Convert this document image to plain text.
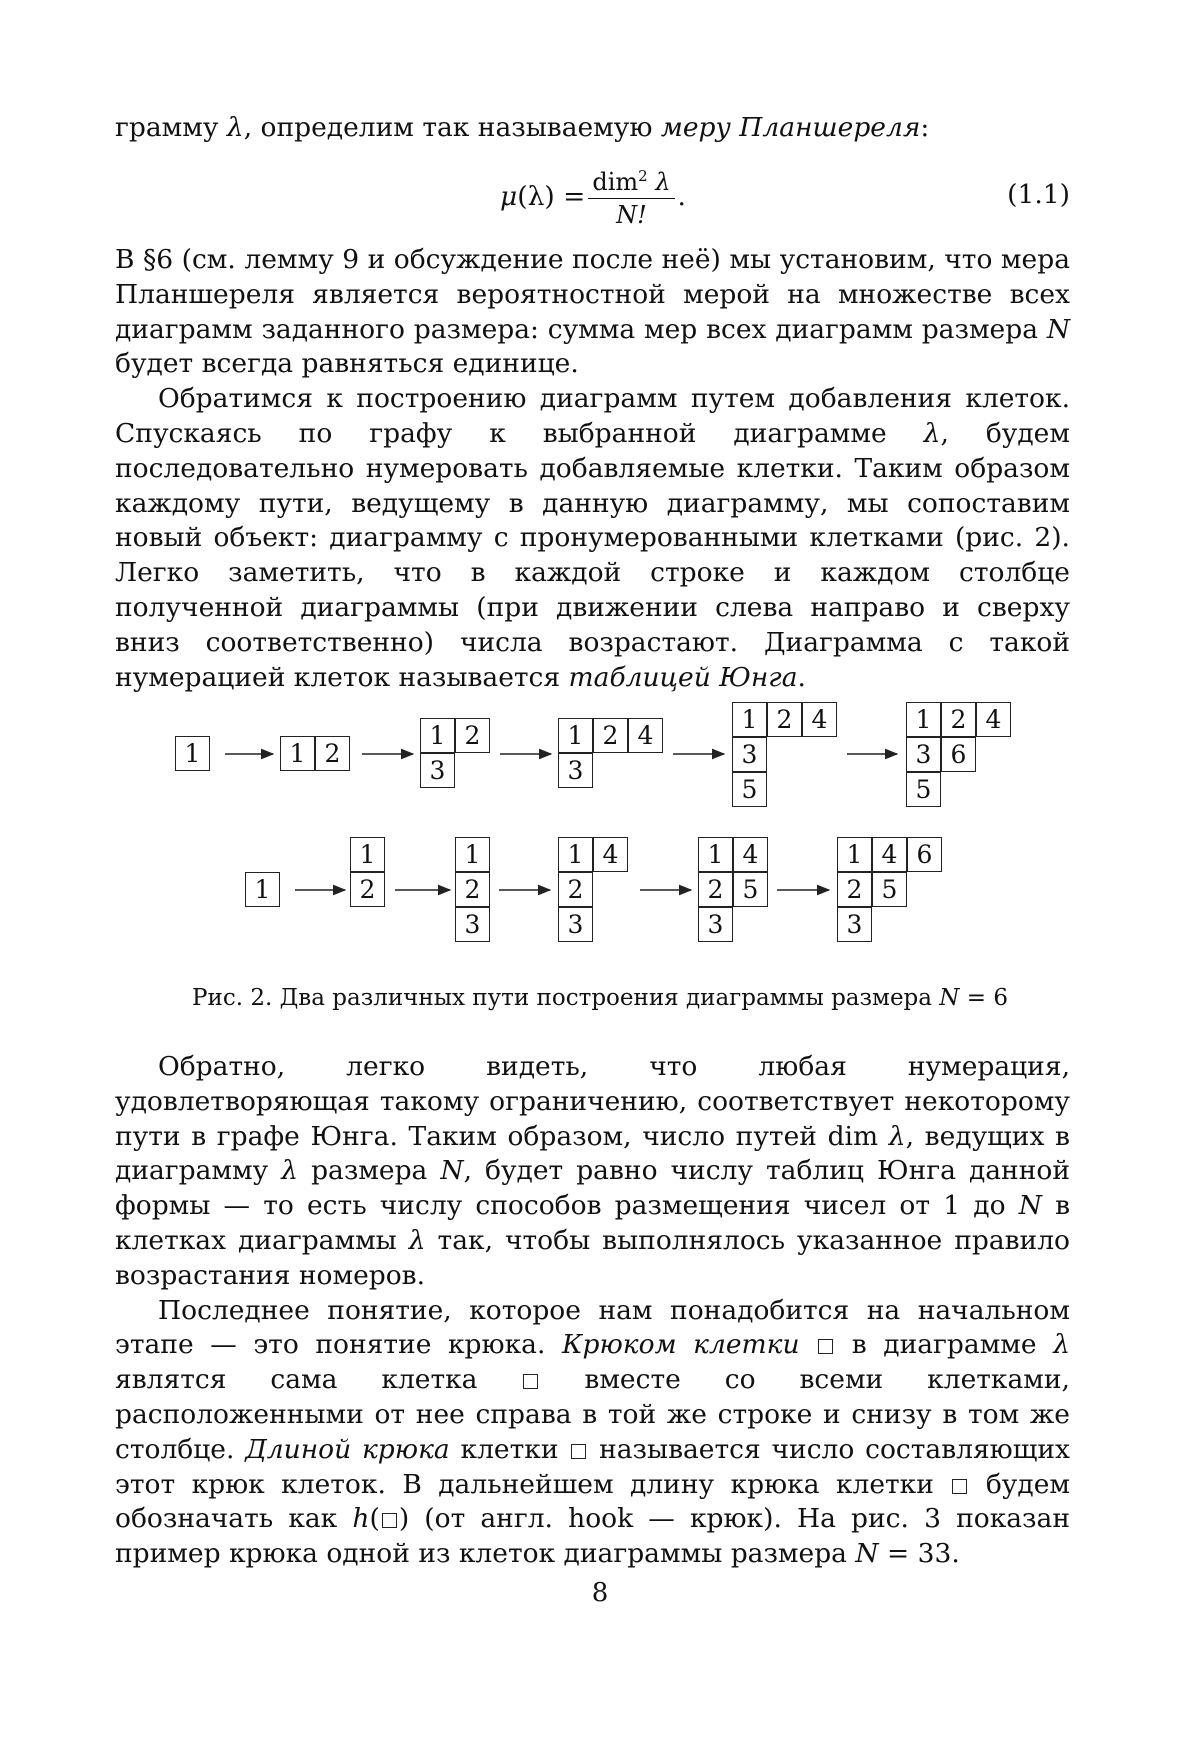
грамму λ, определим так называемую меру Планшереля:

μ $(\lambda) = \frac{dim^2 \lambda}{N!}$ .	(1.1)

В §6 (см. лемму 9 и обсуждение после неё) мы установим, что мера Планшереля является вероятностной мерой на множестве всех диаграмм заданного размера: сумма мер всех диаграмм размера N будет всегда равняться единице.

Обратимся к построению диаграмм путем добавления клеток. Спускаясь по графу к выбранной диаграмме λ, будем последовательно нумеровать добавляемые клетки. Таким образом каждому пути, ведущему в данную диаграмму, мы сопоставим новый объект: диаграмму с пронумерованными клетками (рис. 2). Легко заметить, что в каждой строке и каждом столбце полученной диаграммы (при движении слева направо и сверху вниз соответственно) числа возрастают. Диаграмма с такой нумерацией клеток называется таблицей Юнга.

1	1 2
1 2
3
1 2 4
3
1 2 4
3
5
1 2 4
3 6
5
1
1
2
1
2
3
1 4
2
3
1 4
2 5
3
1 4 6
2 5
3
Рис. 2. Два различных пути построения диаграммы размера N = 6

Обратно, легко видеть, что любая нумерация, удовлетворяющая такому ограничению, соответствует некоторому пути в графе Юнга. Таким образом, число путей dim λ, ведущих в диаграмму λ размера N, будет равно числу таблиц Юнга данной формы — то есть числу способов размещения чисел от 1 до N в клетках диаграммы λ так, чтобы выполнялось указанное правило возрастания номеров.

Последнее понятие, которое нам понадобится на начальном этапе — это понятие крюка. Крюком клетки  в диаграмме λ являтся сама клетка  вместе со всеми клетками, расположенными от нее справа в той же строке и снизу в том же столбце. Длиной крюка клетки  называется число составляющих этот крюк клеток. В дальнейшем длину крюка клетки  будем обозначать как h( ) (от англ. hook — крюк). На рис. 3 показан пример крюка одной из клеток диаграммы размера N = 33.

8
